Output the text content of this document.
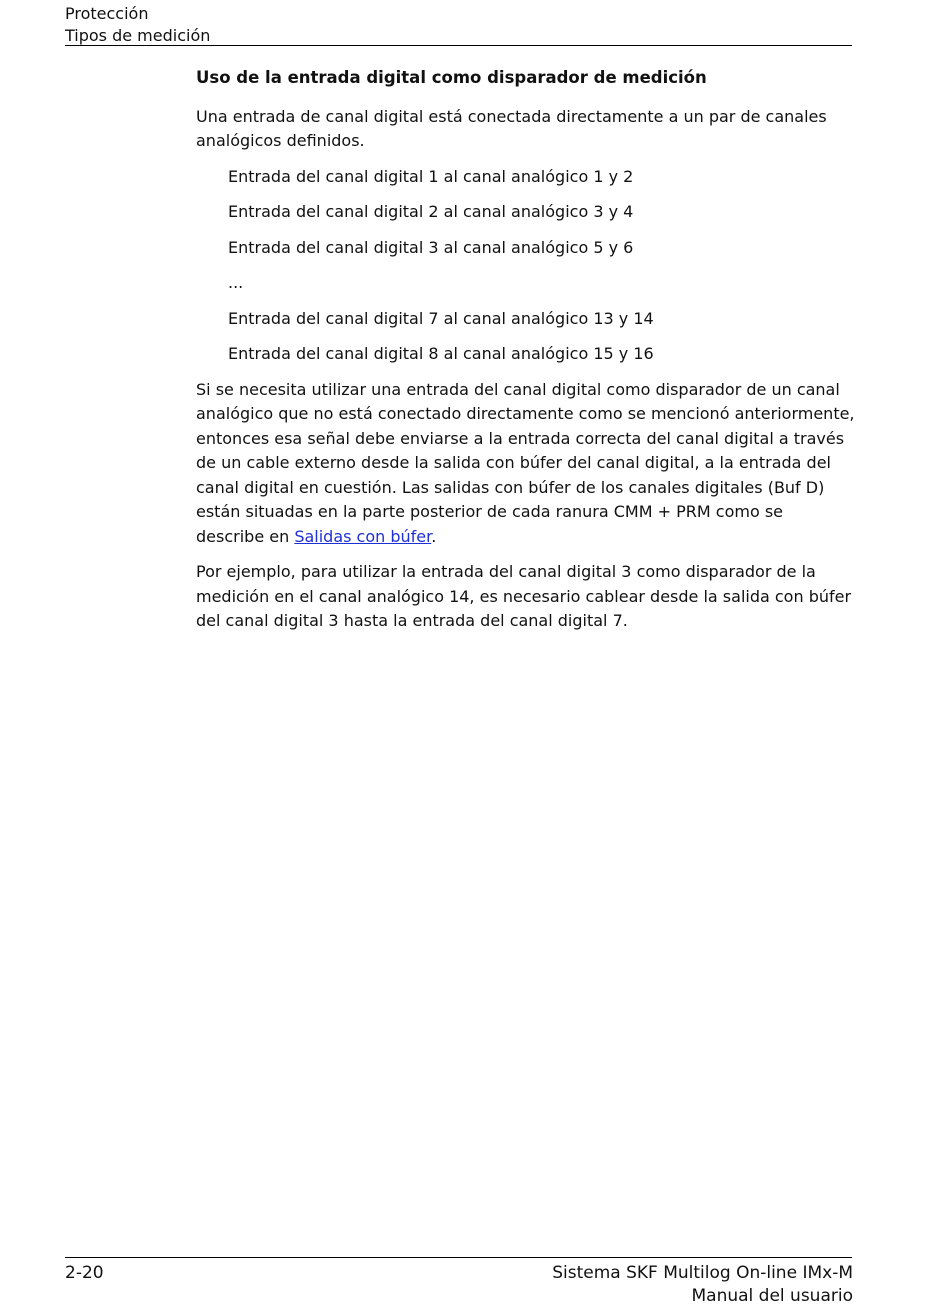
Protección
Tipos de medición
Uso de la entrada digital como disparador de medición

Una entrada de canal digital está conectada directamente a un par de canales analógicos definidos.

Entrada del canal digital 1 al canal analógico 1 y 2
Entrada del canal digital 2 al canal analógico 3 y 4
Entrada del canal digital 3 al canal analógico 5 y 6
...
Entrada del canal digital 7 al canal analógico 13 y 14
Entrada del canal digital 8 al canal analógico 15 y 16

Si se necesita utilizar una entrada del canal digital como disparador de un canal analógico que no está conectado directamente como se mencionó anteriormente, entonces esa señal debe enviarse a la entrada correcta del canal digital a través de un cable externo desde la salida con búfer del canal digital, a la entrada del canal digital en cuestión. Las salidas con búfer de los canales digitales (Buf D) están situadas en la parte posterior de cada ranura CMM + PRM como se describe en Salidas con búfer.

Por ejemplo, para utilizar la entrada del canal digital 3 como disparador de la medición en el canal analógico 14, es necesario cablear desde la salida con búfer del canal digital 3 hasta la entrada del canal digital 7.

2-20	Sistema SKF Multilog On-line IMx-M
Manual del usuario
